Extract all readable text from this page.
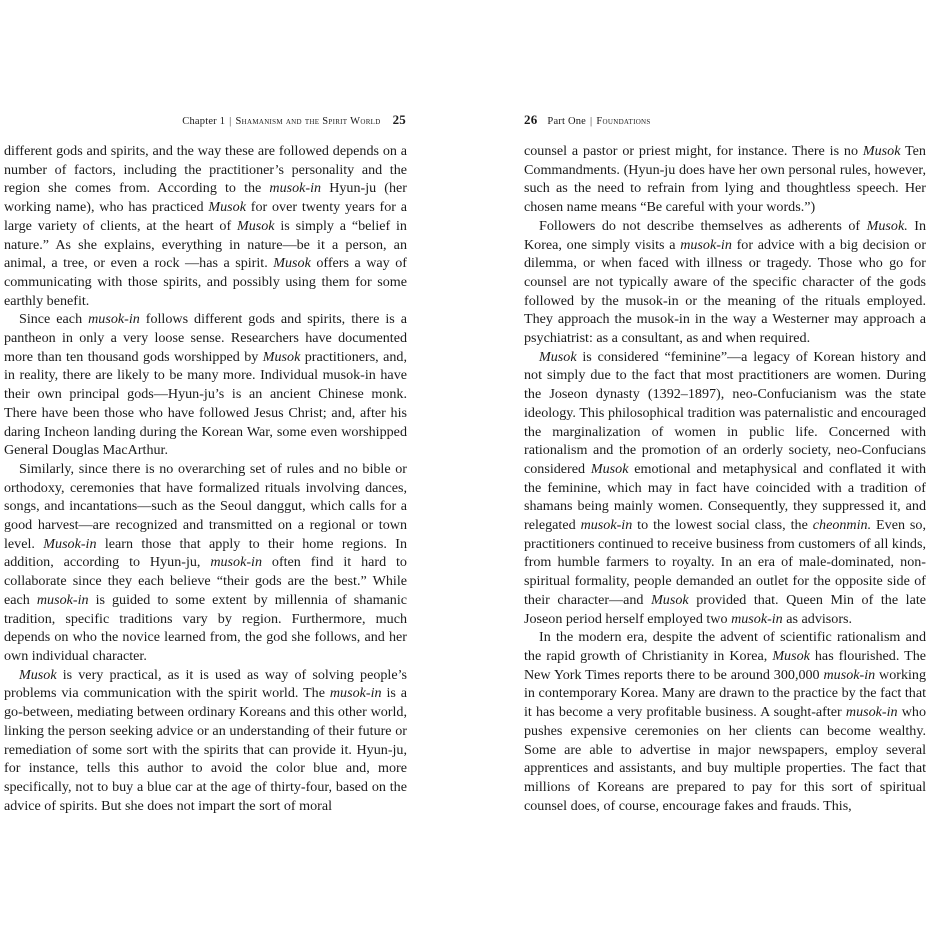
Chapter 1 | Shamanism and the Spirit World 25

different gods and spirits, and the way these are followed depends on a number of factors, including the practitioner’s personality and the region she comes from. According to the musok-in Hyun-ju (her working name), who has practiced Musok for over twenty years for a large variety of clients, at the heart of Musok is simply a “belief in nature.” As she explains, everything in nature—be it a person, an animal, a tree, or even a rock —has a spirit. Musok offers a way of communicating with those spirits, and possibly using them for some earthly benefit.

Since each musok-in follows different gods and spirits, there is a pantheon in only a very loose sense. Researchers have documented more than ten thousand gods worshipped by Musok practitioners, and, in reality, there are likely to be many more. Individual musok-in have their own principal gods—Hyun-ju’s is an ancient Chinese monk. There have been those who have followed Jesus Christ; and, after his daring Incheon landing during the Korean War, some even worshipped General Douglas MacArthur.

Similarly, since there is no overarching set of rules and no bible or orthodoxy, ceremonies that have formalized rituals involving dances, songs, and incantations—such as the Seoul danggut, which calls for a good harvest—are recognized and transmitted on a regional or town level. Musok-in learn those that apply to their home regions. In addition, according to Hyun-ju, musok-in often find it hard to collaborate since they each believe “their gods are the best.” While each musok-in is guided to some extent by millennia of shamanic tradition, specific traditions vary by region. Furthermore, much depends on who the novice learned from, the god she follows, and her own individual character.

Musok is very practical, as it is used as way of solving people’s problems via communication with the spirit world. The musok-in is a go-between, mediating between ordinary Koreans and this other world, linking the person seeking advice or an understanding of their future or remediation of some sort with the spirits that can provide it. Hyun-ju, for instance, tells this author to avoid the color blue and, more specifically, not to buy a blue car at the age of thirty-four, based on the advice of spirits. But she does not impart the sort of moral

26 Part One | Foundations

counsel a pastor or priest might, for instance. There is no Musok Ten Commandments. (Hyun-ju does have her own personal rules, however, such as the need to refrain from lying and thoughtless speech. Her chosen name means “Be careful with your words.”)

Followers do not describe themselves as adherents of Musok. In Korea, one simply visits a musok-in for advice with a big decision or dilemma, or when faced with illness or tragedy. Those who go for counsel are not typically aware of the specific character of the gods followed by the musok-in or the meaning of the rituals employed. They approach the musok-in in the way a Westerner may approach a psychiatrist: as a consultant, as and when required.

Musok is considered “feminine”—a legacy of Korean history and not simply due to the fact that most practitioners are women. During the Joseon dynasty (1392–1897), neo-Confucianism was the state ideology. This philosophical tradition was paternalistic and encouraged the marginalization of women in public life. Concerned with rationalism and the promotion of an orderly society, neo-Confucians considered Musok emotional and metaphysical and conflated it with the feminine, which may in fact have coincided with a tradition of shamans being mainly women. Consequently, they suppressed it, and relegated musok-in to the lowest social class, the cheonmin. Even so, practitioners continued to receive business from customers of all kinds, from humble farmers to royalty. In an era of male-dominated, non-spiritual formality, people demanded an outlet for the opposite side of their character—and Musok provided that. Queen Min of the late Joseon period herself employed two musok-in as advisors.

In the modern era, despite the advent of scientific rationalism and the rapid growth of Christianity in Korea, Musok has flourished. The New York Times reports there to be around 300,000 musok-in working in contemporary Korea. Many are drawn to the practice by the fact that it has become a very profitable business. A sought-after musok-in who pushes expensive ceremonies on her clients can become wealthy. Some are able to advertise in major newspapers, employ several apprentices and assistants, and buy multiple properties. The fact that millions of Koreans are prepared to pay for this sort of spiritual counsel does, of course, encourage fakes and frauds. This,
